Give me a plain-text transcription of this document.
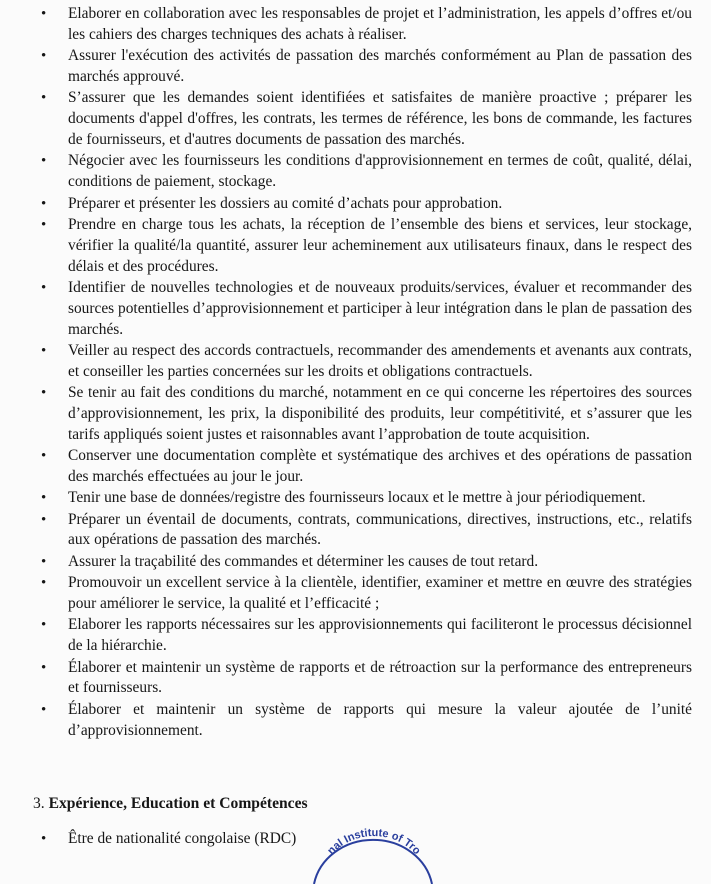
• Elaborer en collaboration avec les responsables de projet et l’administration, les appels d’offres et/ou les cahiers des charges techniques des achats à réaliser.
• Assurer l'exécution des activités de passation des marchés conformément au Plan de passation des marchés approuvé.
• S’assurer que les demandes soient identifiées et satisfaites de manière proactive ; préparer les documents d'appel d'offres, les contrats, les termes de référence, les bons de commande, les factures de fournisseurs, et d'autres documents de passation des marchés.
• Négocier avec les fournisseurs les conditions d'approvisionnement en termes de coût, qualité, délai, conditions de paiement, stockage.
• Préparer et présenter les dossiers au comité d’achats pour approbation.
• Prendre en charge tous les achats, la réception de l’ensemble des biens et services, leur stockage, vérifier la qualité/la quantité, assurer leur acheminement aux utilisateurs finaux, dans le respect des délais et des procédures.
• Identifier de nouvelles technologies et de nouveaux produits/services, évaluer et recommander des sources potentielles d’approvisionnement et participer à leur intégration dans le plan de passation des marchés.
• Veiller au respect des accords contractuels, recommander des amendements et avenants aux contrats, et conseiller les parties concernées sur les droits et obligations contractuels.
• Se tenir au fait des conditions du marché, notamment en ce qui concerne les répertoires des sources d’approvisionnement, les prix, la disponibilité des produits, leur compétitivité, et s’assurer que les tarifs appliqués soient justes et raisonnables avant l’approbation de toute acquisition.
• Conserver une documentation complète et systématique des archives et des opérations de passation des marchés effectuées au jour le jour.
• Tenir une base de données/registre des fournisseurs locaux et le mettre à jour périodiquement.
• Préparer un éventail de documents, contrats, communications, directives, instructions, etc., relatifs aux opérations de passation des marchés.
• Assurer la traçabilité des commandes et déterminer les causes de tout retard.
• Promouvoir un excellent service à la clientèle, identifier, examiner et mettre en œuvre des stratégies pour améliorer le service, la qualité et l’efficacité ;
• Elaborer les rapports nécessaires sur les approvisionnements qui faciliteront le processus décisionnel de la hiérarchie.
• Élaborer et maintenir un système de rapports et de rétroaction sur la performance des entrepreneurs et fournisseurs.
• Élaborer et maintenir un système de rapports qui mesure la valeur ajoutée de l’unité d’approvisionnement.
3. Expérience, Education et Compétences
• Être de nationalité congolaise (RDC)
nal Institute of Tro
